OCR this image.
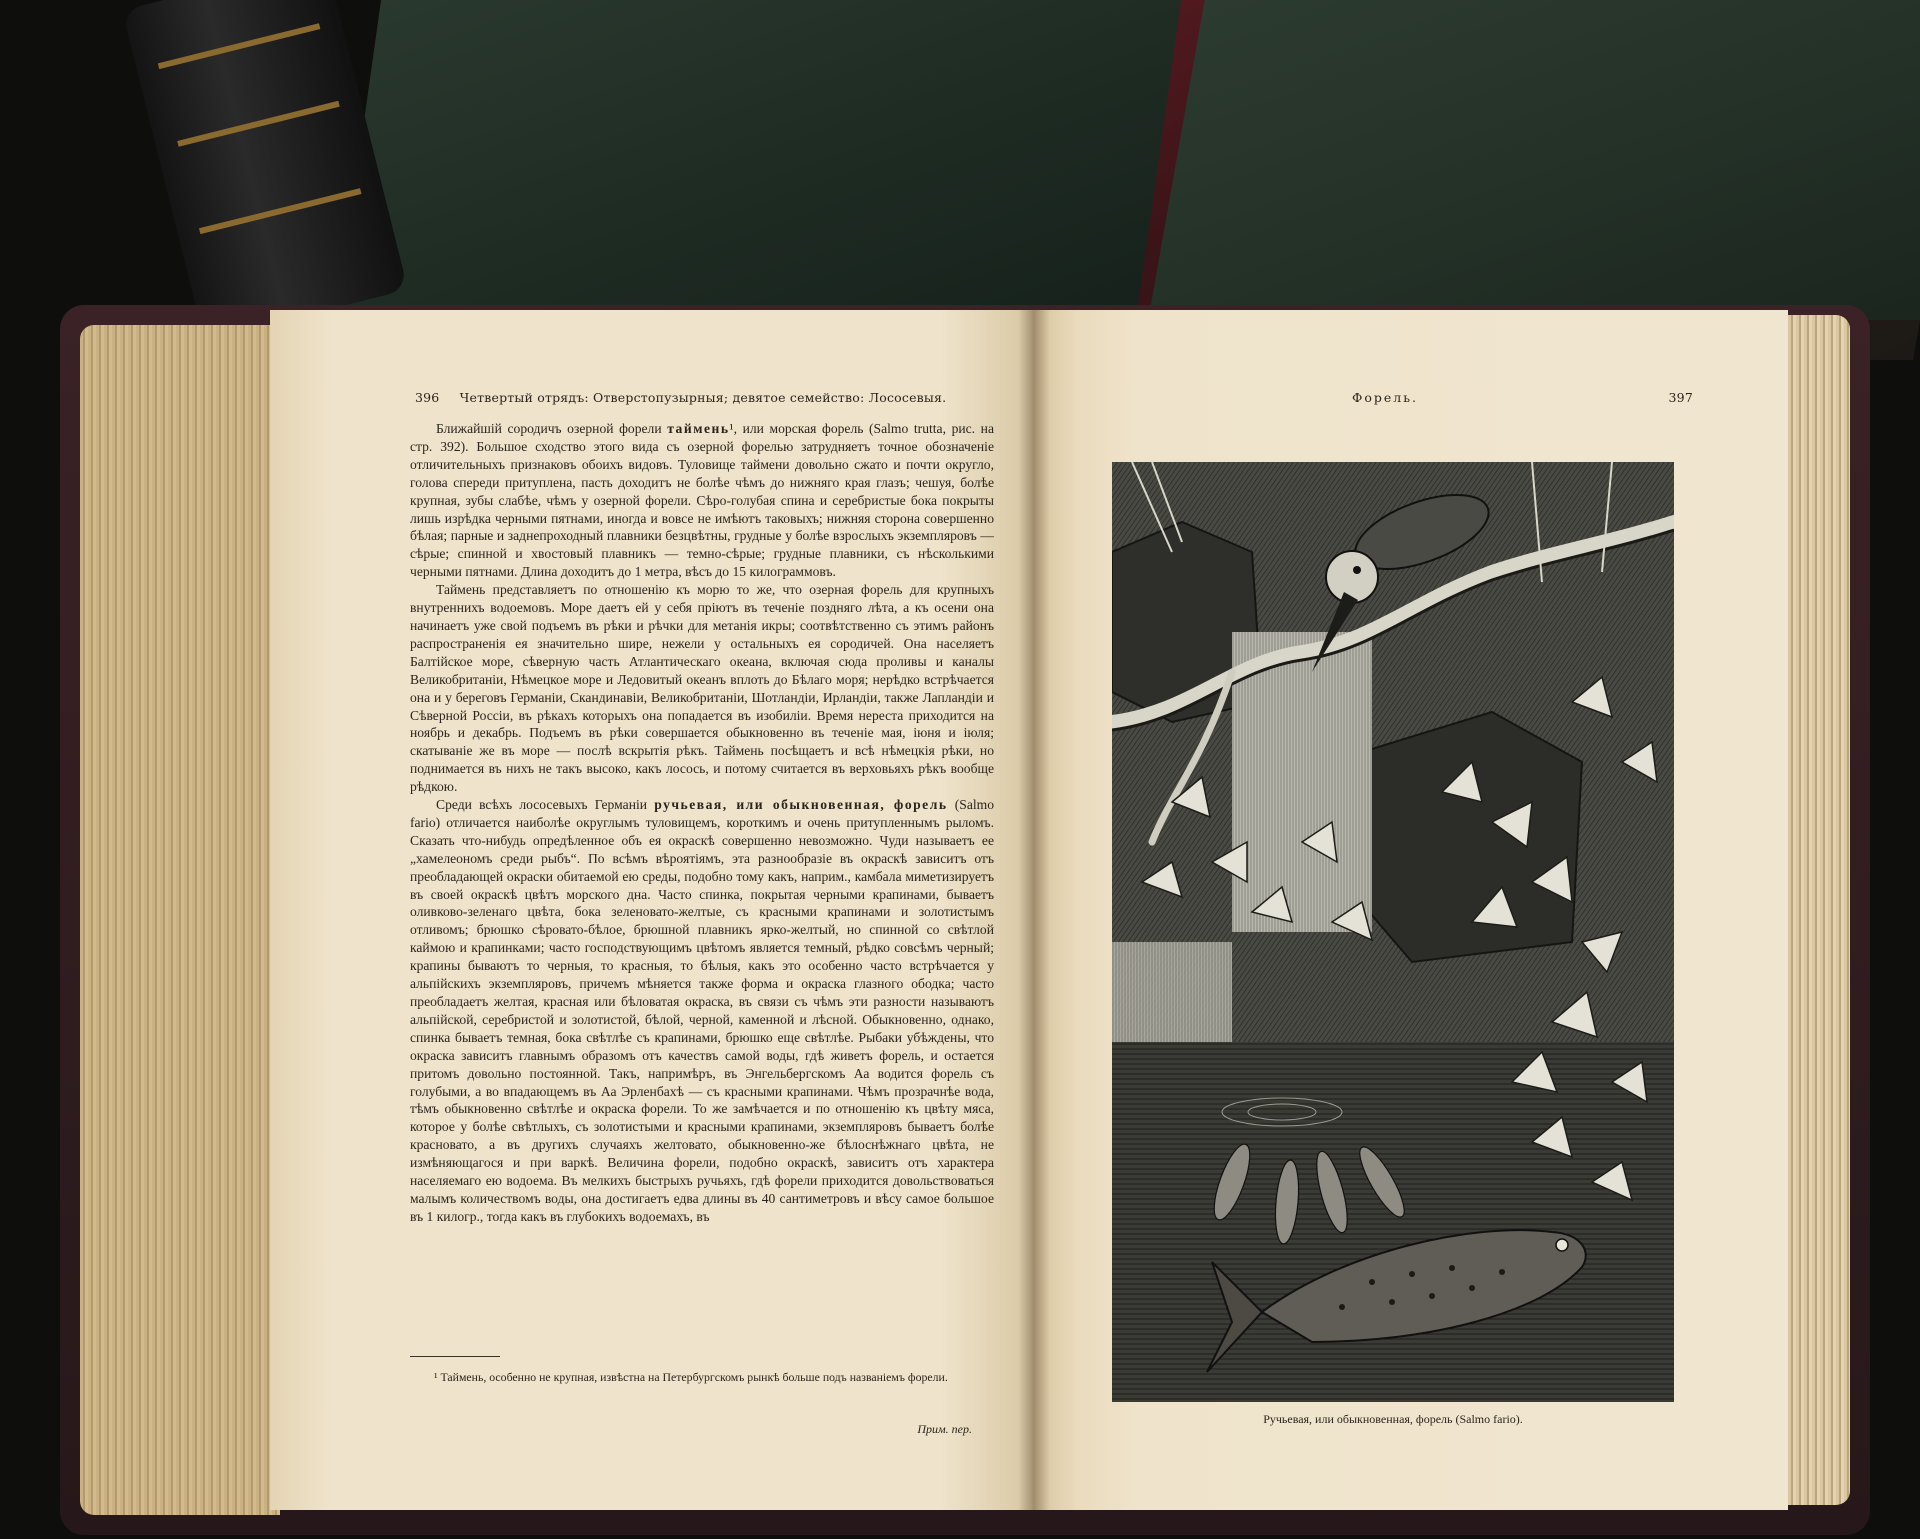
396 Четвертый отрядъ: Отверстопузырныя; девятое семейство: Лососевыя.

Ближайшій сородичъ озерной форели таймень¹, или морская форель (Salmo trutta, рис. на стр. 392). Большое сходство этого вида съ озерной форелью затрудняетъ точное обозначеніе отличительныхъ признаковъ обоихъ видовъ. Туловище таймени довольно сжато и почти округло, голова спереди притуплена, пасть доходитъ не болѣе чѣмъ до нижняго края глазъ; чешуя, болѣе крупная, зубы слабѣе, чѣмъ у озерной форели. Сѣро-голубая спина и серебристые бока покрыты лишь изрѣдка черными пятнами, иногда и вовсе не имѣютъ таковыхъ; нижняя сторона совершенно бѣлая; парные и заднепроходный плавники безцвѣтны, грудные у болѣе взрослыхъ экземпляровъ — сѣрые; спинной и хвостовый плавникъ — темно-сѣрые; грудные плавники, съ нѣсколькими черными пятнами. Длина доходитъ до 1 метра, вѣсъ до 15 килограммовъ.

Таймень представляетъ по отношенію къ морю то же, что озерная форель для крупныхъ внутреннихъ водоемовъ. Море даетъ ей у себя пріютъ въ теченіе поздняго лѣта, а къ осени она начинаетъ уже свой подъемъ въ рѣки и рѣчки для метанія икры; соотвѣтственно съ этимъ районъ распространенія ея значительно шире, нежели у остальныхъ ея сородичей. Она населяетъ Балтійское море, сѣверную часть Атлантическаго океана, включая сюда проливы и каналы Великобританіи, Нѣмецкое море и Ледовитый океанъ вплоть до Бѣлаго моря; нерѣдко встрѣчается она и у береговъ Германіи, Скандинавіи, Великобританіи, Шотландіи, Ирландіи, также Лапландіи и Сѣверной Россіи, въ рѣкахъ которыхъ она попадается въ изобиліи. Время нереста приходится на ноябрь и декабрь. Подъемъ въ рѣки совершается обыкновенно въ теченіе мая, іюня и іюля; скатываніе же въ море — послѣ вскрытія рѣкъ. Таймень посѣщаетъ и всѣ нѣмецкія рѣки, но поднимается въ нихъ не такъ высоко, какъ лосось, и потому считается въ верховьяхъ рѣкъ вообще рѣдкою.

Среди всѣхъ лососевыхъ Германіи ручьевая, или обыкновенная, форель (Salmo fario) отличается наиболѣе округлымъ туловищемъ, короткимъ и очень притупленнымъ рыломъ. Сказать что-нибудь опредѣленное объ ея окраскѣ совершенно невозможно. Чуди называетъ ее „хамелеономъ среди рыбъ“. По всѣмъ вѣроятіямъ, эта разнообразіе въ окраскѣ зависитъ отъ преобладающей окраски обитаемой ею среды, подобно тому какъ, наприм., камбала миметизируетъ въ своей окраскѣ цвѣтъ морского дна. Часто спинка, покрытая черными крапинами, бываетъ оливково-зеленаго цвѣта, бока зеленовато-желтые, съ красными крапинами и золотистымъ отливомъ; брюшко сѣровато-бѣлое, брюшной плавникъ ярко-желтый, но спинной со свѣтлой каймою и крапинками; часто господствующимъ цвѣтомъ является темный, рѣдко совсѣмъ черный; крапины бываютъ то черныя, то красныя, то бѣлыя, какъ это особенно часто встрѣчается у альпійскихъ экземпляровъ, причемъ мѣняется также форма и окраска глазного ободка; часто преобладаетъ желтая, красная или бѣловатая окраска, въ связи съ чѣмъ эти разности называютъ альпійской, серебристой и золотистой, бѣлой, черной, каменной и лѣсной. Обыкновенно, однако, спинка бываетъ темная, бока свѣтлѣе съ крапинами, брюшко еще свѣтлѣе. Рыбаки убѣждены, что окраска зависитъ главнымъ образомъ отъ качествъ самой воды, гдѣ живетъ форель, и остается притомъ довольно постоянной. Такъ, напримѣръ, въ Энгельбергскомъ Аа водится форель съ голубыми, а во впадающемъ въ Аа Эрленбахѣ — съ красными крапинами. Чѣмъ прозрачнѣе вода, тѣмъ обыкновенно свѣтлѣе и окраска форели. То же замѣчается и по отношенію къ цвѣту мяса, которое у болѣе свѣтлыхъ, съ золотистыми и красными крапинами, экземпляровъ бываетъ болѣе красновато, а въ другихъ случаяхъ желтовато, обыкновенно-же бѣлоснѣжнаго цвѣта, не измѣняющагося и при варкѣ. Величина форели, подобно окраскѣ, зависитъ отъ характера населяемаго ею водоема. Въ мелкихъ быстрыхъ ручьяхъ, гдѣ форели приходится довольствоваться малымъ количествомъ воды, она достигаетъ едва длины въ 40 сантиметровъ и вѣсу самое большое въ 1 килогр., тогда какъ въ глубокихъ водоемахъ, въ

¹ Таймень, особенно не крупная, извѣстна на Петербургскомъ рынкѣ больше подъ названіемъ форели.
Прим. пер.
Форель.	397
Ручьевая, или обыкновенная, форель (Salmo fario).
